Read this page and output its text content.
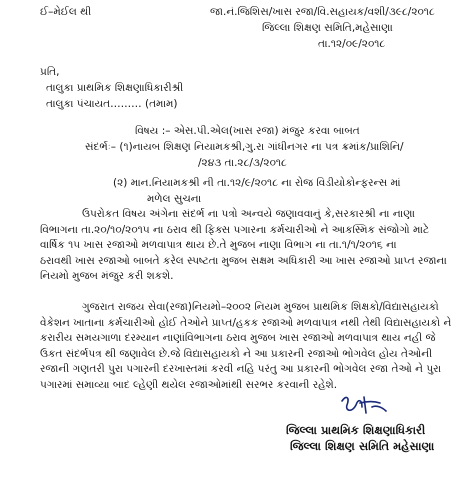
ઈ–મેઈલ થી	જા.નં.જિશિસ/ખાસ રજા/વિ.સહાયક/વશી/૩૯૮/૨૦૧૮
જિલ્લા શિક્ષણ સમિતિ,મહેસાણા
તા.૧૨/૦૯/૨૦૧૮
પ્રતિ,
તાલુકા પ્રાથમિક શિક્ષણાધિકારીશ્રી
તાલુકા પંચાયત……… (તમામ)
વિષય :– એસ.પી.એલ(ખાસ રજા) મંજુર કરવા બાબત
સંદર્ભઃ– (૧)નાયબ શિક્ષણ નિયામકશ્રી,ગુ.રા ગાંધીનગર ના પત્ર ક્રમાંક/પ્રાશિનિ/
/૨૪૩ તા.૨૮/૩/૨૦૧૮
(૨) માન.નિયામકશ્રી ની તા.૧૨/૯/૨૦૧૮ ના રોજ વિડીયોકોન્ફરન્સ માં
મળેલ સુચના
ઉપરોકત વિષય અંગેના સંદર્ભ ના પત્રો અન્વયે જણાવવાનું કે,સરકારશ્રી ના નાણા
વિભાગના તા.૨૦/૧૦/૨૦૧૫ ના ઠરાવ થી ફિક્સ પગારના કર્મચારીઓ ને આકસ્મિક સંજોગો માટે
વાર્ષિક ૧૫ ખાસ રજાઓ મળવાપાત્ર થાય છે.તે મુજબ નાણા વિભાગ ના તા.૧/૧/૨૦૧૬ ના
ઠરાવથી ખાસ રજાઓ બાબતે કરેલ સ્પષ્ટતા મુજબ સક્ષમ અધિકારી આ ખાસ રજાઓ પ્રાપ્ત રજાના
નિયમો મુજબ મંજુર કરી શકશે.
ગુજરાત રાજય સેવા(રજા)નિયમો–૨૦૦૨ નિયમ મુજબ પ્રાથમિક શિક્ષકો/વિદ્યાસહાયકો
વેકેશન ખાતાના કર્મચારીઓ હોઈ તેઓને પ્રાપ્ત/હકક રજાઓ મળવાપાત્ર નથી તેથી વિદ્યાસહાયકો ને
કરારીય સમયગાળા દરમ્યાન નાણાંવિભાગના ઠરાવ મુજબ ખાસ રજાઓ મળવાપાત્ર થાય નહી જે
ઉકત સંદર્ભપત્ર થી જણાવેલ છે.જે વિદ્યાસહાયકો ને આ પ્રકારની રજાઓ ભોગવેલ હોય તેઓની
રજાની ગણતરી પુરા પગારની દરખાસ્તમાં કરવી નહિ પરંતુ આ પ્રકારની ભોગવેલ રજા તેઓ ને પુરા
પગારમાં સમાવ્યા બાદ લ્હેણી થયેલ રજાઓમાંથી સરભર કરવાની રહેશે.
જિલ્લા પ્રાથમિક શિક્ષણાધિકારી
જિલ્લા શિક્ષણ સમિતિ મહેસાણા
